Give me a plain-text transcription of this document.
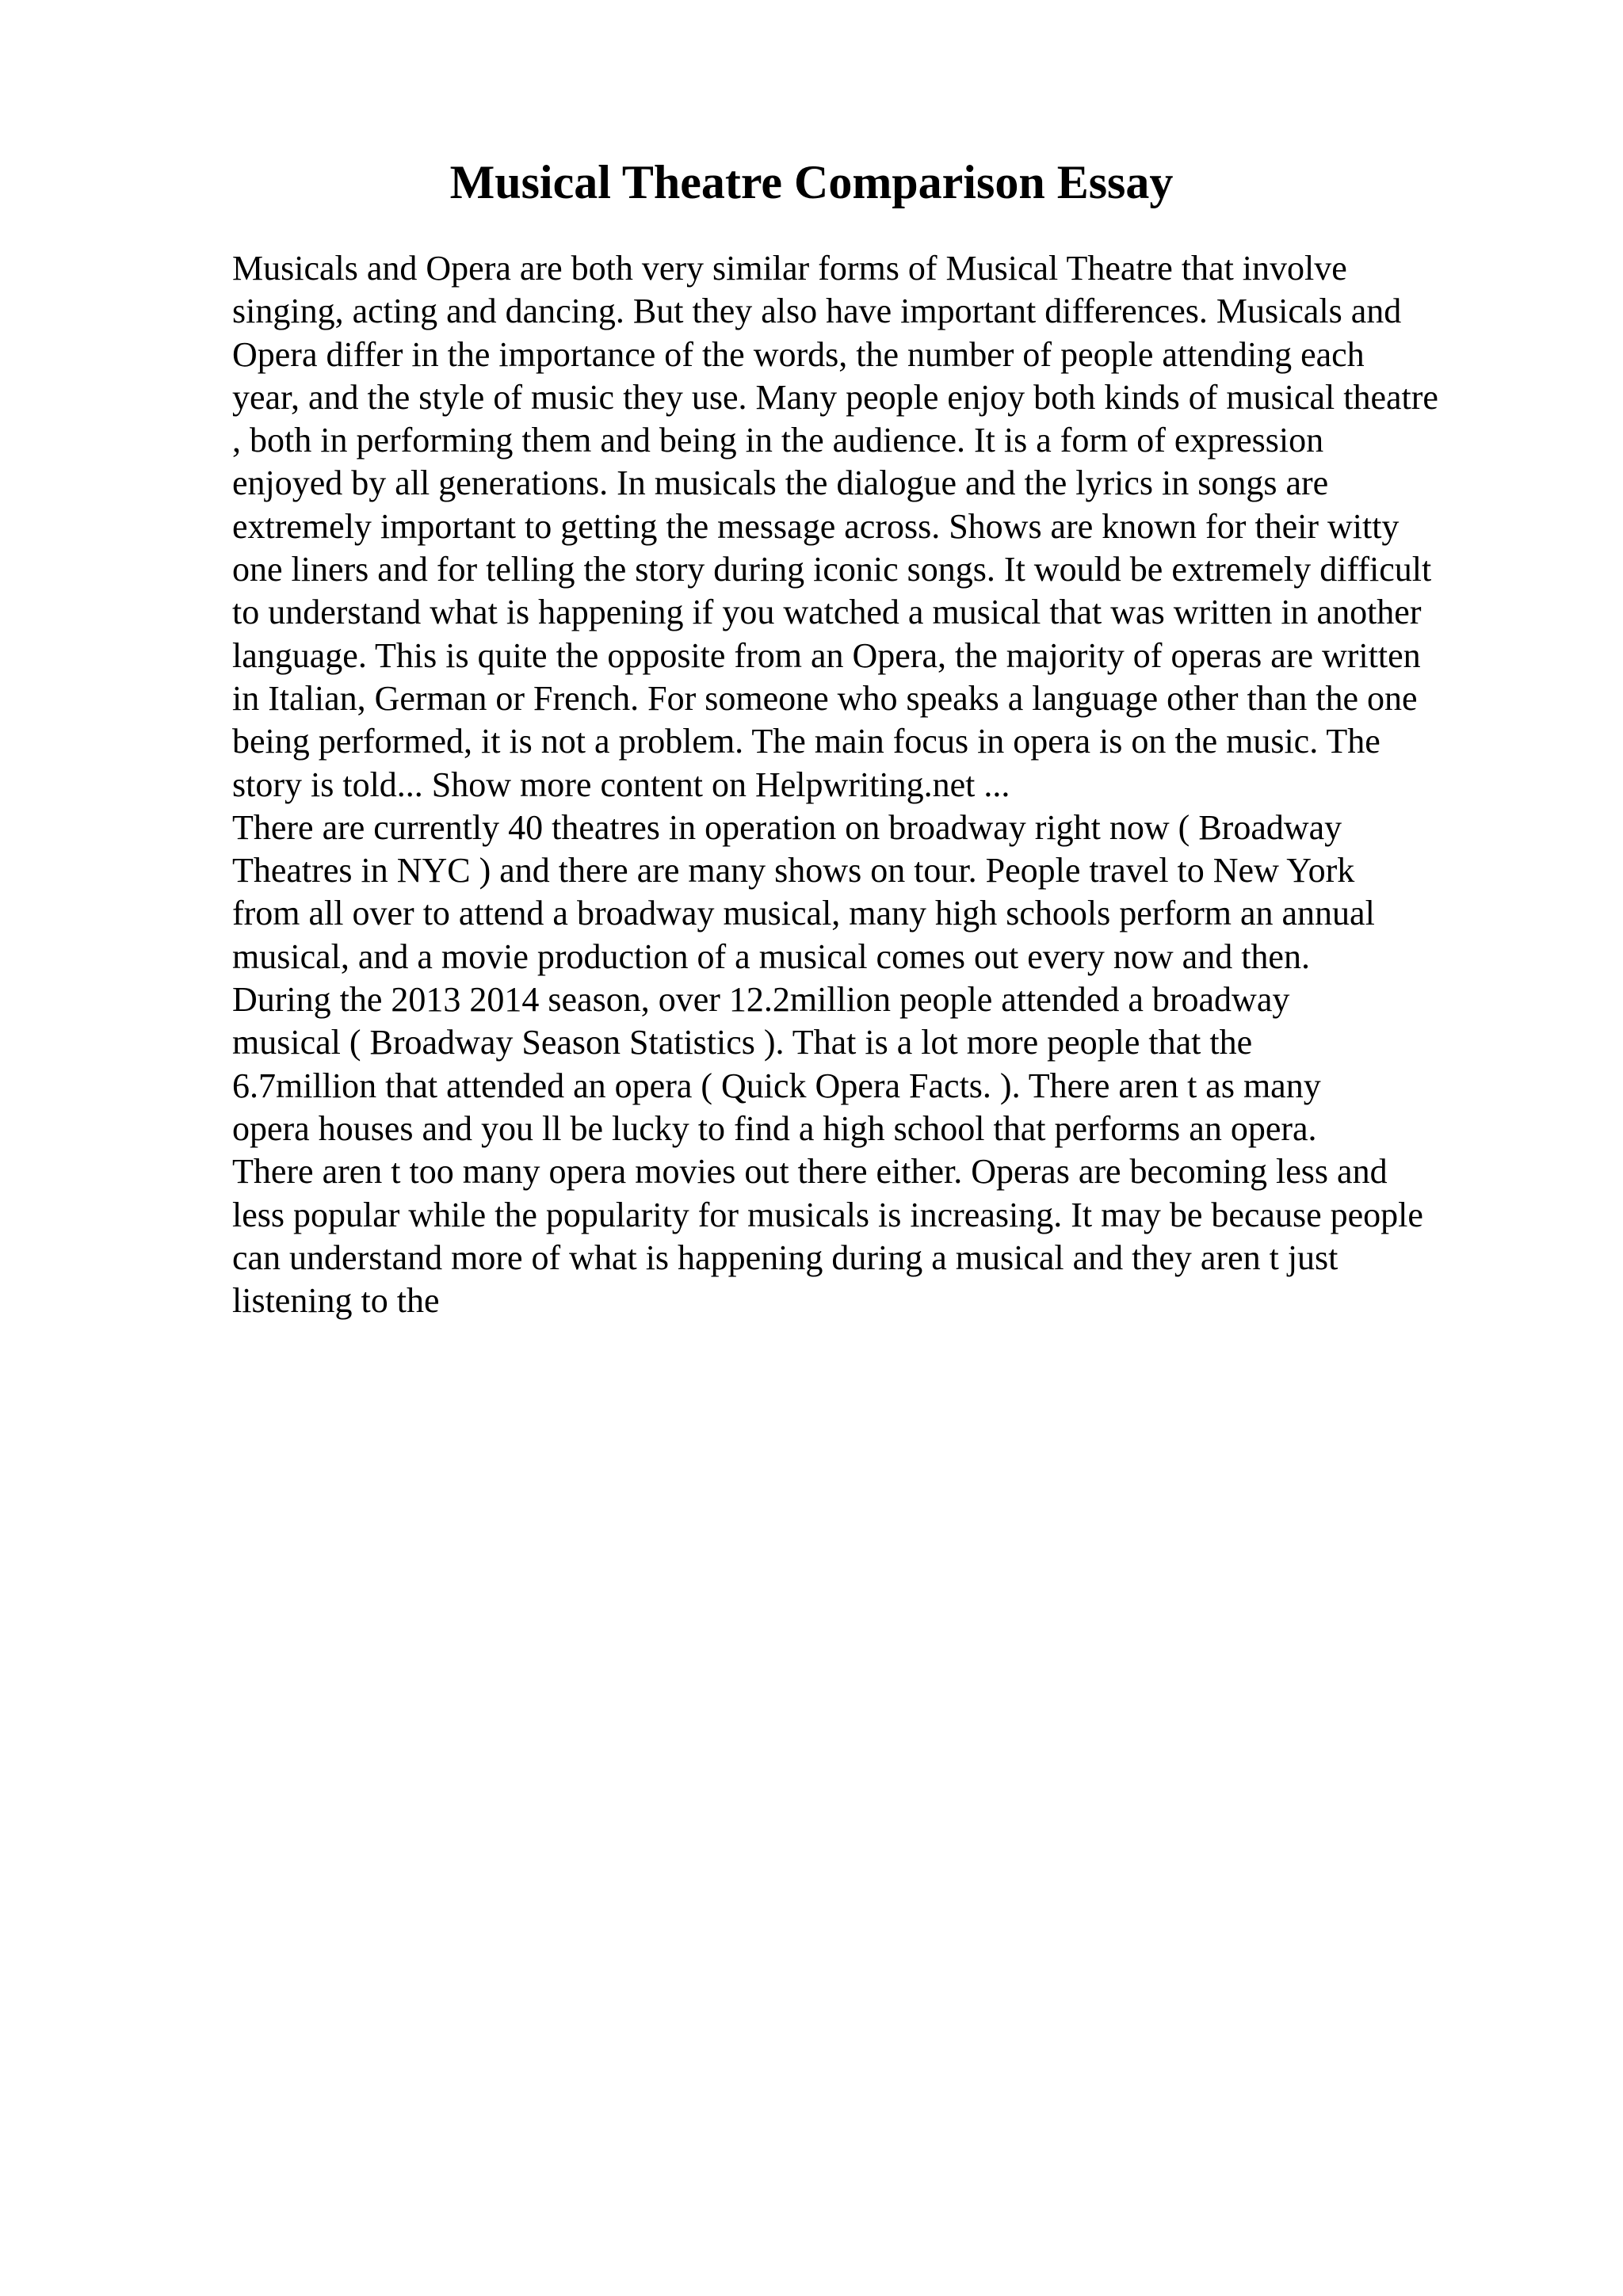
Musical Theatre Comparison Essay
Musicals and Opera are both very similar forms of Musical Theatre that involve
singing, acting and dancing. But they also have important differences. Musicals and
Opera differ in the importance of the words, the number of people attending each
year, and the style of music they use. Many people enjoy both kinds of musical theatre
, both in performing them and being in the audience. It is a form of expression
enjoyed by all generations. In musicals the dialogue and the lyrics in songs are
extremely important to getting the message across. Shows are known for their witty
one liners and for telling the story during iconic songs. It would be extremely difficult
to understand what is happening if you watched a musical that was written in another
language. This is quite the opposite from an Opera, the majority of operas are written
in Italian, German or French. For someone who speaks a language other than the one
being performed, it is not a problem. The main focus in opera is on the music. The
story is told... Show more content on Helpwriting.net ...
There are currently 40 theatres in operation on broadway right now ( Broadway
Theatres in NYC ) and there are many shows on tour. People travel to New York
from all over to attend a broadway musical, many high schools perform an annual
musical, and a movie production of a musical comes out every now and then.
During the 2013 2014 season, over 12.2million people attended a broadway
musical ( Broadway Season Statistics ). That is a lot more people that the
6.7million that attended an opera ( Quick Opera Facts. ). There aren t as many
opera houses and you ll be lucky to find a high school that performs an opera.
There aren t too many opera movies out there either. Operas are becoming less and
less popular while the popularity for musicals is increasing. It may be because people
can understand more of what is happening during a musical and they aren t just
listening to the
